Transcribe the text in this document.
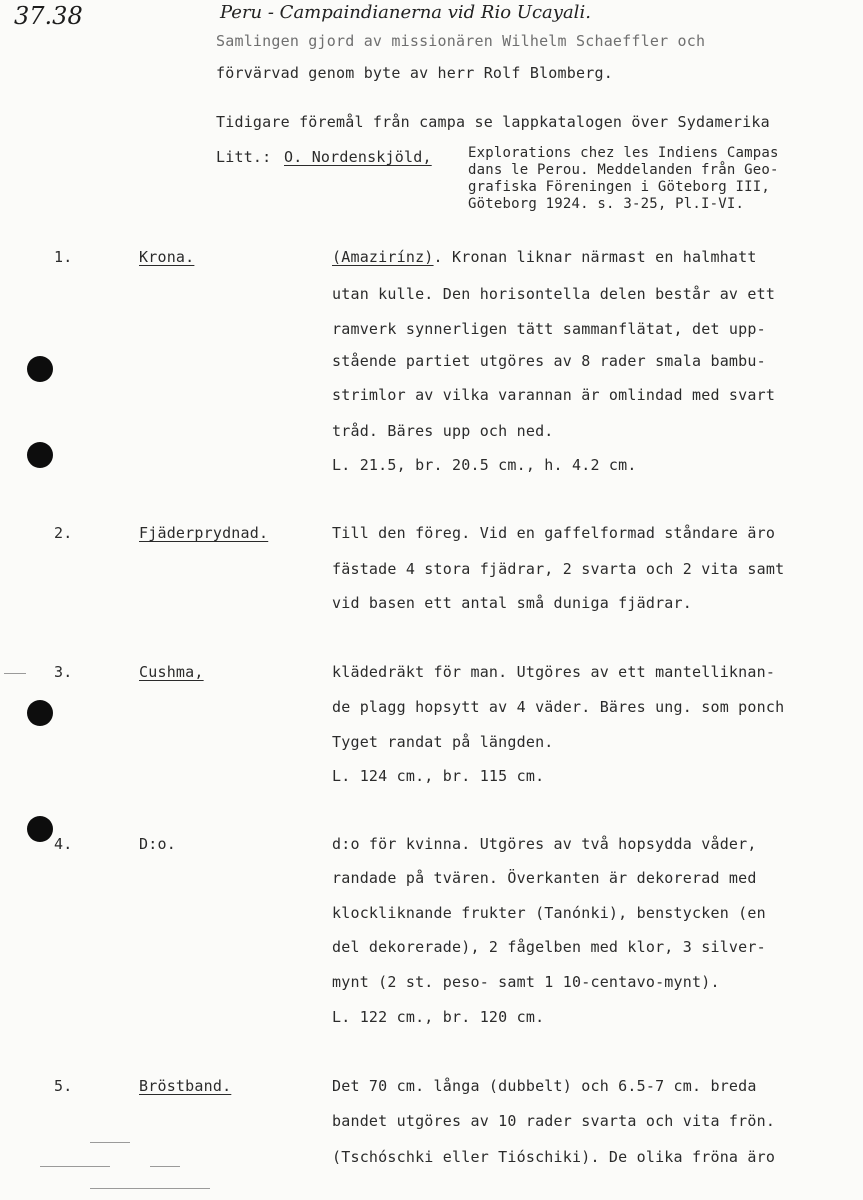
37.38	Peru - Campaindianerna vid Rio Ucayali.
Samlingen gjord av missionären Wilhelm Schaeffler och
förvärvad genom byte av herr Rolf Blomberg.
Tidigare föremål från campa se lappkatalogen över Sydamerika
Litt.: O. Nordenskjöld,	Explorations chez les Indiens Campas
dans le Perou. Meddelanden från Geo-
grafiska Föreningen i Göteborg III,
Göteborg 1924. s. 3-25, Pl.I-VI.
1.	Krona.	(Amazirínz). Kronan liknar närmast en halmhatt
utan kulle. Den horisontella delen består av ett
ramverk synnerligen tätt sammanflätat, det upp-
stående partiet utgöres av 8 rader smala bambu-
strimlor av vilka varannan är omlindad med svart
tråd. Bäres upp och ned.
L. 21.5, br. 20.5 cm., h. 4.2 cm.
2.	Fjäderprydnad.	Till den föreg. Vid en gaffelformad ståndare äro
fästade 4 stora fjädrar, 2 svarta och 2 vita samt
vid basen ett antal små duniga fjädrar.
3.	Cushma,	klädedräkt för man. Utgöres av ett mantelliknan-
de plagg hopsytt av 4 väder. Bäres ung. som ponch
Tyget randat på längden.
L. 124 cm., br. 115 cm.
4.	D:o.	d:o för kvinna. Utgöres av två hopsydda våder,
randade på tvären. Överkanten är dekorerad med
klockliknande frukter (Tanónki), benstycken (en
del dekorerade), 2 fågelben med klor, 3 silver-
mynt (2 st. peso- samt 1 10-centavo-mynt).
L. 122 cm., br. 120 cm.
5.	Bröstband.	Det 70 cm. långa (dubbelt) och 6.5-7 cm. breda
bandet utgöres av 10 rader svarta och vita frön.
(Tschóschki eller Tióschiki). De olika fröna äro
